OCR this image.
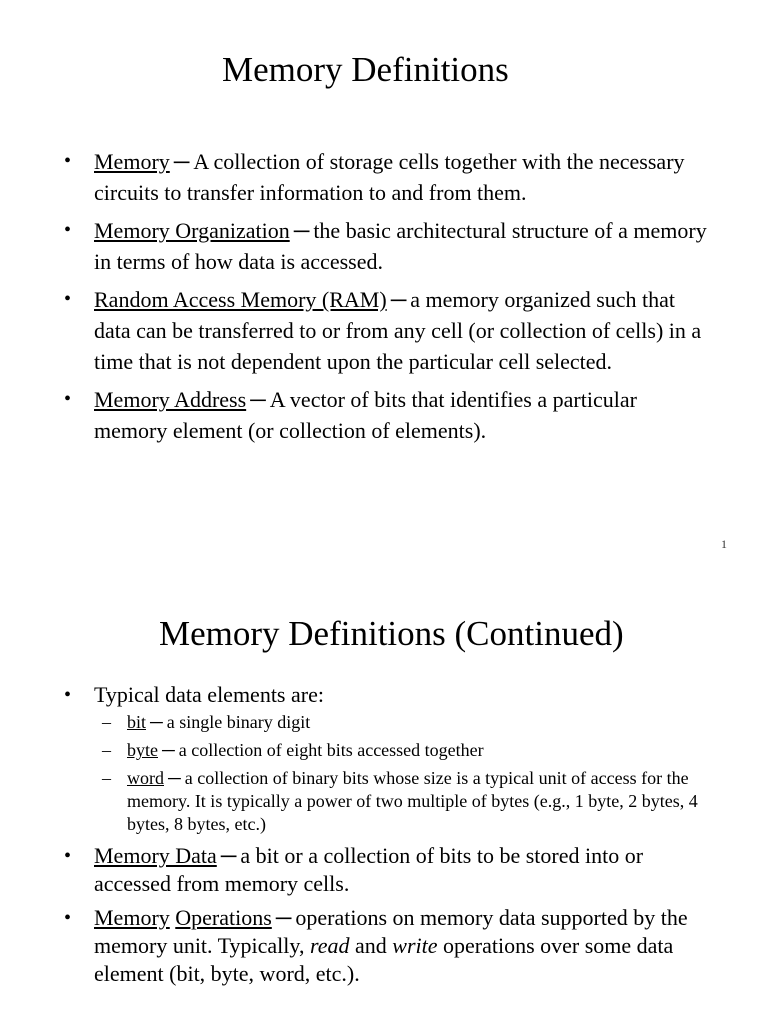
Memory Definitions
• Memory ─ A collection of storage cells together with the necessary circuits to transfer information to and from them.
• Memory Organization ─ the basic architectural structure of a memory in terms of how data is accessed.
• Random Access Memory (RAM) ─ a memory organized such that data can be transferred to or from any cell (or collection of cells) in a time that is not dependent upon the particular cell selected.
• Memory Address ─ A vector of bits that identifies a particular memory element (or collection of elements).
1
Memory Definitions (Continued)
• Typical data elements are:
– bit ─ a single binary digit
– byte ─ a collection of eight bits accessed together
– word ─ a collection of binary bits whose size is a typical unit of access for the memory. It is typically a power of two multiple of bytes (e.g., 1 byte, 2 bytes, 4 bytes, 8 bytes, etc.)
• Memory Data ─ a bit or a collection of bits to be stored into or accessed from memory cells.
• Memory Operations ─ operations on memory data supported by the memory unit. Typically, read and write operations over some data element (bit, byte, word, etc.).
